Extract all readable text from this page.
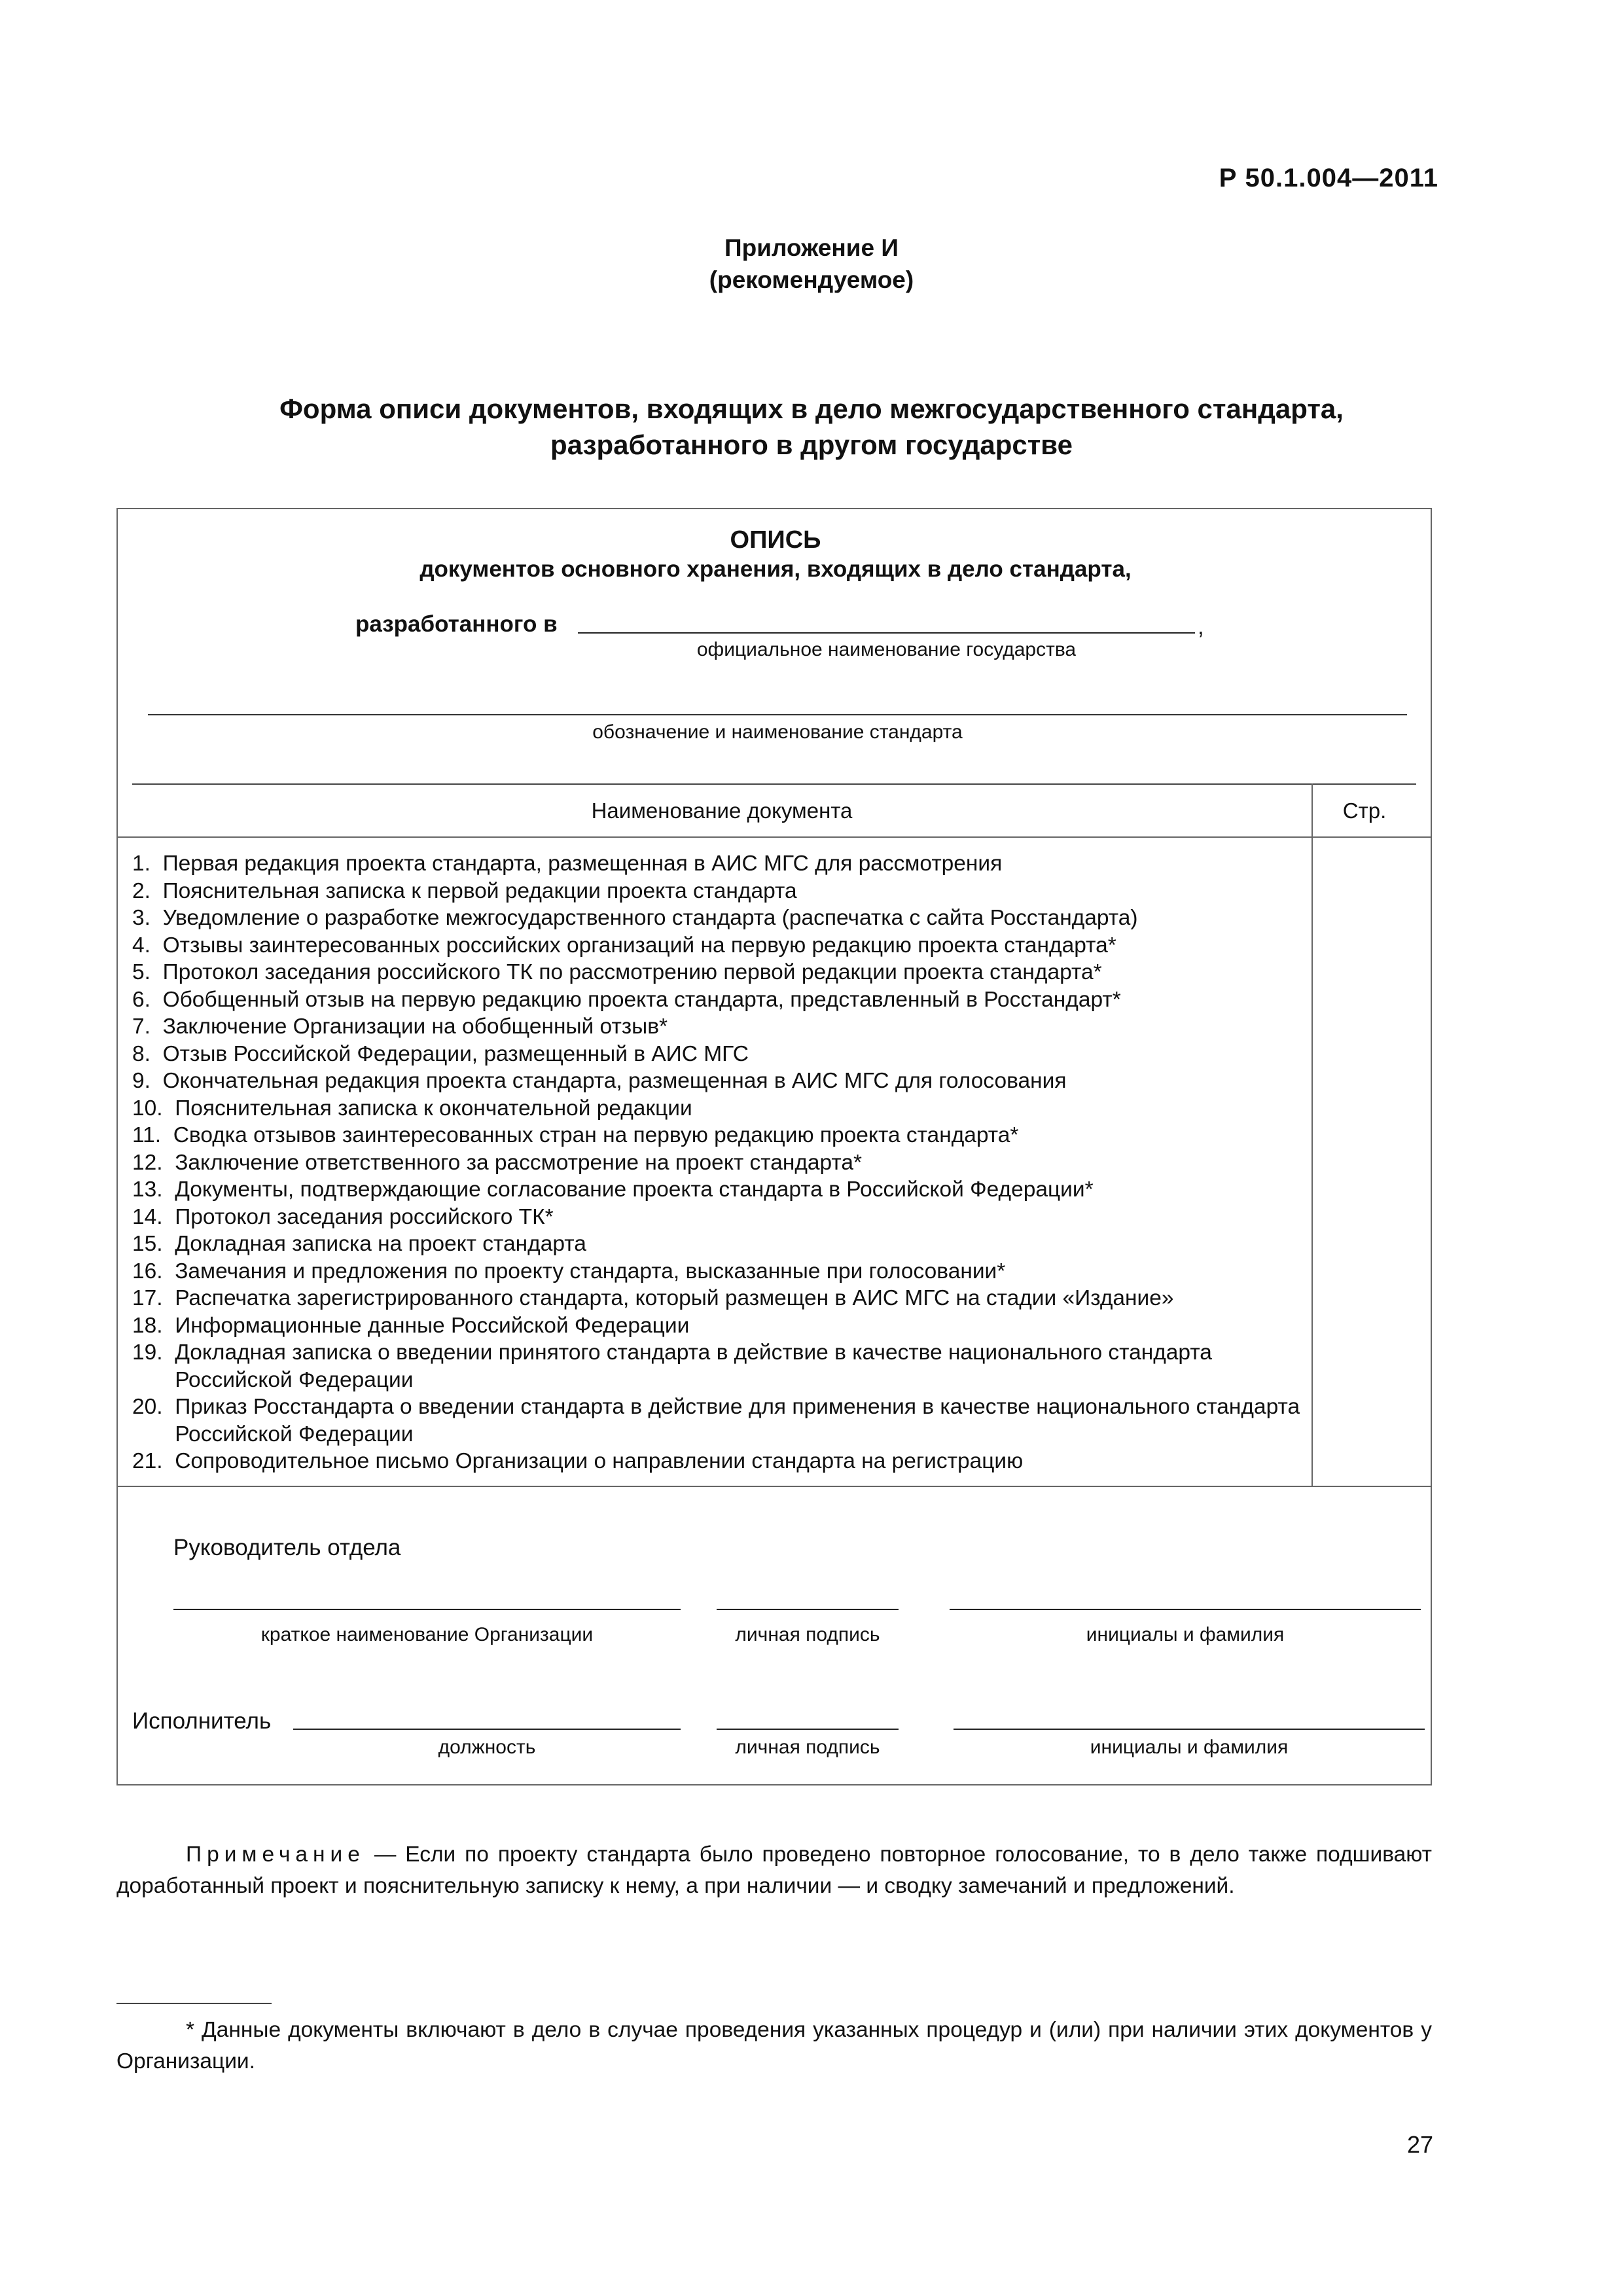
Р 50.1.004—2011
Приложение И
(рекомендуемое)
Форма описи документов, входящих в дело межгосударственного стандарта,
разработанного в другом государстве
ОПИСЬ
документов основного хранения, входящих в дело стандарта,
разработанного в	,
официальное наименование государства
обозначение и наименование стандарта
Наименование документа	Стр.
1. Первая редакция проекта стандарта, размещенная в АИС МГС для рассмотрения
2. Пояснительная записка к первой редакции проекта стандарта
3. Уведомление о разработке межгосударственного стандарта (распечатка с сайта Росстандарта)
4. Отзывы заинтересованных российских организаций на первую редакцию проекта стандарта*
5. Протокол заседания российского ТК по рассмотрению первой редакции проекта стандарта*
6. Обобщенный отзыв на первую редакцию проекта стандарта, представленный в Росстандарт*
7. Заключение Организации на обобщенный отзыв*
8. Отзыв Российской Федерации, размещенный в АИС МГС
9. Окончательная редакция проекта стандарта, размещенная в АИС МГС для голосования
10. Пояснительная записка к окончательной редакции
11. Сводка отзывов заинтересованных стран на первую редакцию проекта стандарта*
12. Заключение ответственного за рассмотрение на проект стандарта*
13. Документы, подтверждающие согласование проекта стандарта в Российской Федерации*
14. Протокол заседания российского ТК*
15. Докладная записка на проект стандарта
16. Замечания и предложения по проекту стандарта, высказанные при голосовании*
17. Распечатка зарегистрированного стандарта, который размещен в АИС МГС на стадии «Издание»
18. Информационные данные Российской Федерации
19. Докладная записка о введении принятого стандарта в действие в качестве национального стандарта Российской Федерации
20. Приказ Росстандарта о введении стандарта в действие для применения в качестве национального стандарта Российской Федерации
21. Сопроводительное письмо Организации о направлении стандарта на регистрацию
Руководитель отдела
краткое наименование Организации	личная подпись	инициалы и фамилия
Исполнитель
должность	личная подпись	инициалы и фамилия

Примечание — Если по проекту стандарта было проведено повторное голосование, то в дело также подшивают доработанный проект и пояснительную записку к нему, а при наличии — и сводку замечаний и предложений.

* Данные документы включают в дело в случае проведения указанных процедур и (или) при наличии этих документов у Организации.

27
